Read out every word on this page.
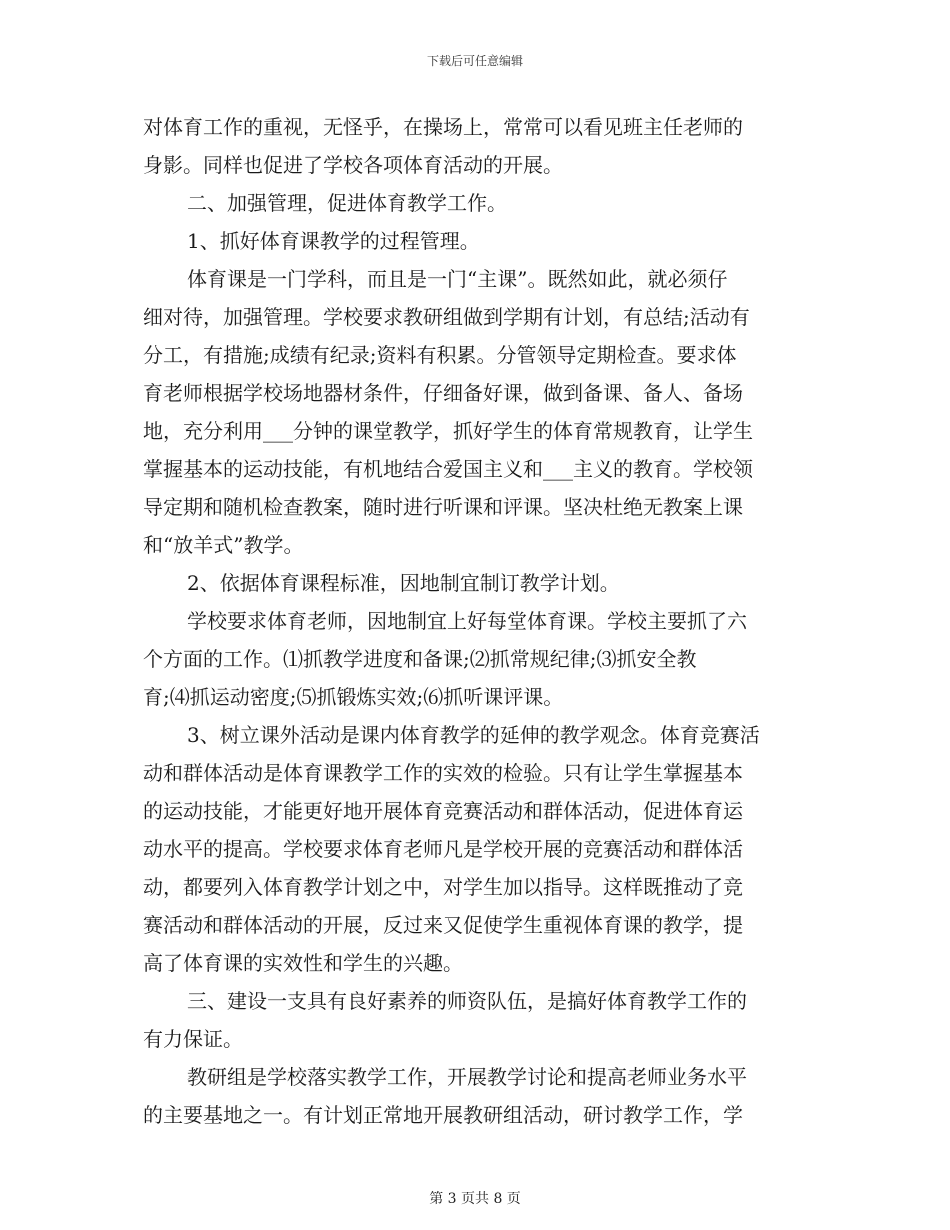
下载后可任意编辑
对体育工作的重视，无怪乎，在操场上，常常可以看见班主任老师的
身影。同样也促进了学校各项体育活动的开展。
二、加强管理，促进体育教学工作。
1、抓好体育课教学的过程管理。
体育课是一门学科，而且是一门“主课”。既然如此，就必须仔
细对待，加强管理。学校要求教研组做到学期有计划，有总结;活动有
分工，有措施;成绩有纪录;资料有积累。分管领导定期检查。要求体
育老师根据学校场地器材条件，仔细备好课，做到备课、备人、备场
地，充分利用___分钟的课堂教学，抓好学生的体育常规教育，让学生
掌握基本的运动技能，有机地结合爱国主义和___主义的教育。学校领
导定期和随机检查教案，随时进行听课和评课。坚决杜绝无教案上课
和“放羊式”教学。
2、依据体育课程标准，因地制宜制订教学计划。
学校要求体育老师，因地制宜上好每堂体育课。学校主要抓了六
个方面的工作。⑴抓教学进度和备课;⑵抓常规纪律;⑶抓安全教
育;⑷抓运动密度;⑸抓锻炼实效;⑹抓听课评课。
3、树立课外活动是课内体育教学的延伸的教学观念。体育竞赛活
动和群体活动是体育课教学工作的实效的检验。只有让学生掌握基本
的运动技能，才能更好地开展体育竞赛活动和群体活动，促进体育运
动水平的提高。学校要求体育老师凡是学校开展的竞赛活动和群体活
动，都要列入体育教学计划之中，对学生加以指导。这样既推动了竞
赛活动和群体活动的开展，反过来又促使学生重视体育课的教学，提
高了体育课的实效性和学生的兴趣。
三、建设一支具有良好素养的师资队伍，是搞好体育教学工作的
有力保证。
教研组是学校落实教学工作，开展教学讨论和提高老师业务水平
的主要基地之一。有计划正常地开展教研组活动，研讨教学工作，学
第 3 页共 8 页
